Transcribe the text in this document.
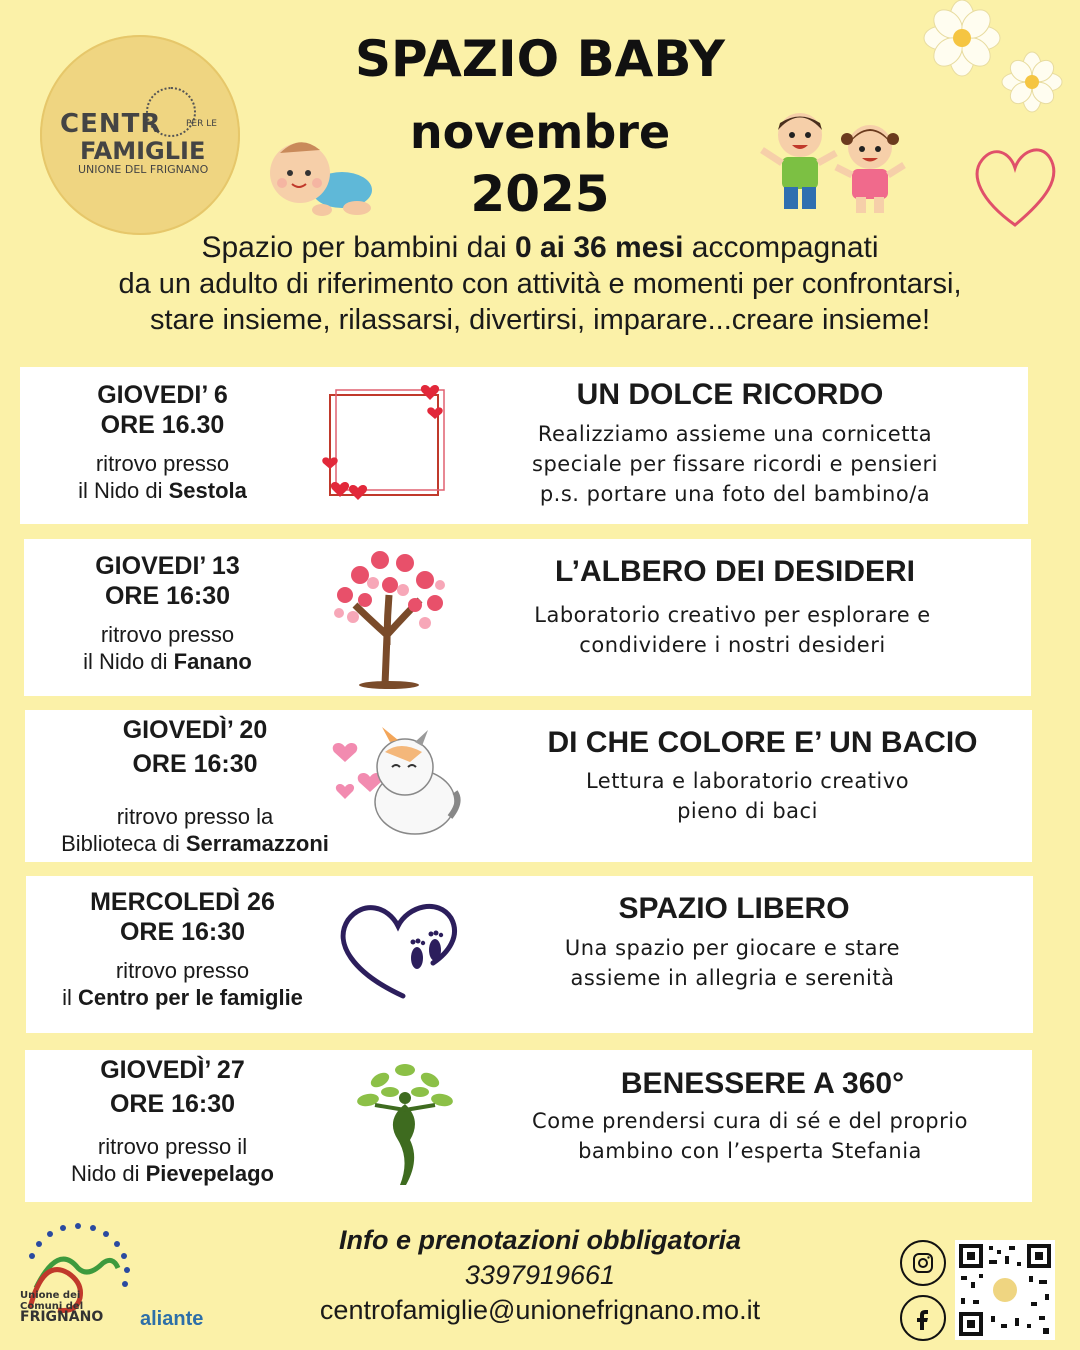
CENTR	PER LE
FAMIGLIE
UNIONE DEL FRIGNANO
SPAZIO BABY
novembre
2025
Spazio per bambini dai 0 ai 36 mesi accompagnati
da un adulto di riferimento con attività e momenti per confrontarsi,
stare insieme, rilassarsi, divertirsi, imparare...creare insieme!
GIOVEDI’ 6
ORE 16.30
ritrovo presso
il Nido di Sestola
UN DOLCE RICORDO
Realizziamo assieme una cornicetta
speciale per fissare ricordi e pensieri
p.s. portare una foto del bambino/a
GIOVEDI’ 13
ORE 16:30
ritrovo presso
il Nido di Fanano
L’ALBERO DEI DESIDERI
Laboratorio creativo per esplorare e
condividere i nostri desideri
GIOVEDÌ’ 20
ORE 16:30
ritrovo presso la
Biblioteca di Serramazzoni
DI CHE COLORE E’ UN BACIO
Lettura e laboratorio creativo
pieno di baci
MERCOLEDÌ 26
ORE 16:30
ritrovo presso
il Centro per le famiglie
SPAZIO LIBERO
Una spazio per giocare e stare
assieme in allegria e serenità
GIOVEDÌ’ 27
ORE 16:30
ritrovo presso il
Nido di Pievepelago
BENESSERE A 360°
Come prendersi cura di sé e del proprio
bambino con l’esperta Stefania
Info e prenotazioni obbligatoria
3397919661
centrofamiglie@unionefrignano.mo.it
Unione dei
Comuni del
FRIGNANO aliante
